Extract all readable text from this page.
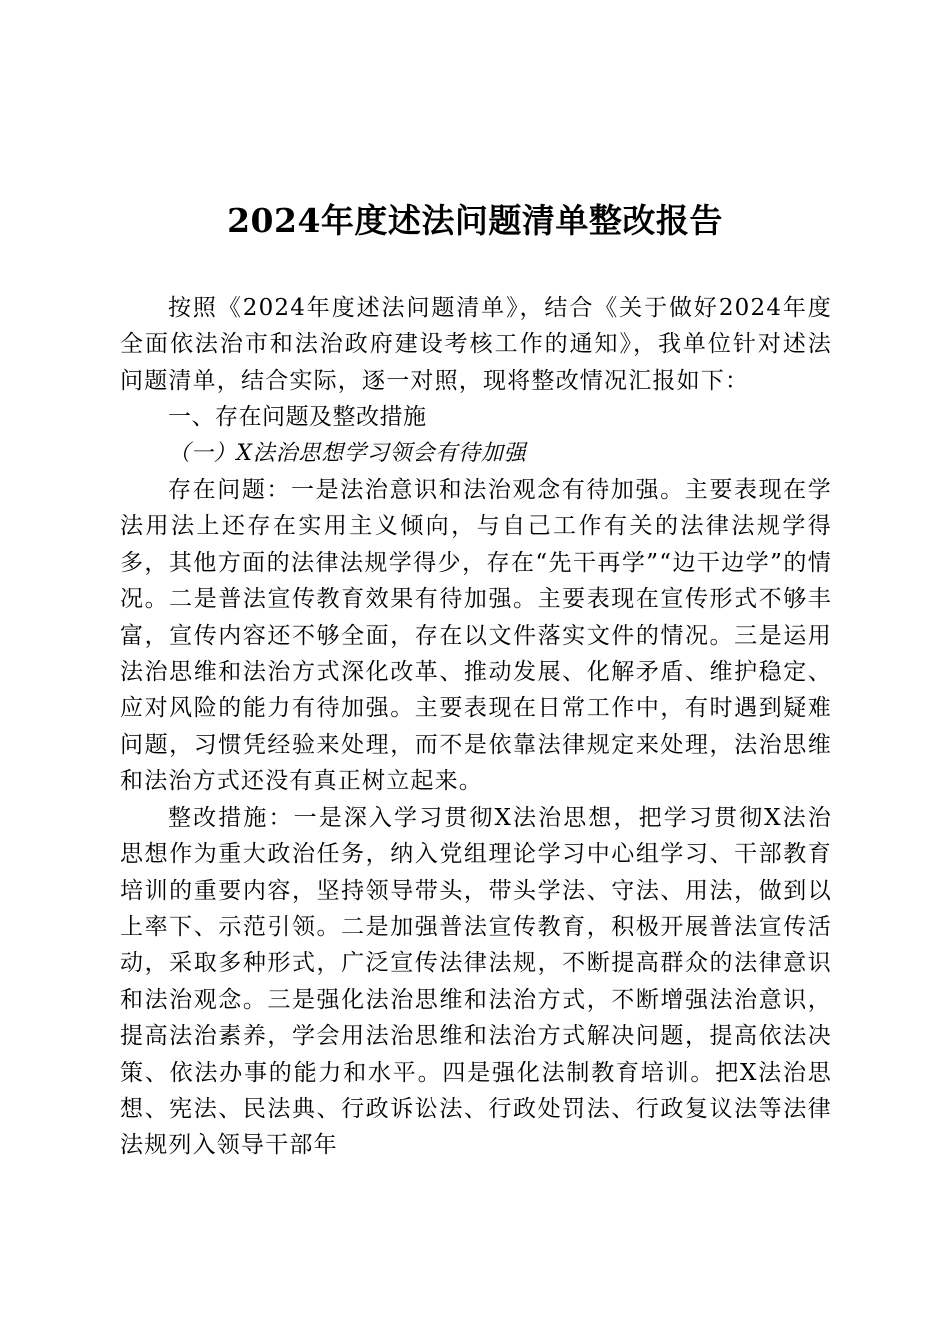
2024年度述法问题清单整改报告

按照《2024年度述法问题清单》，结合《关于做好2024年度全面依法治市和法治政府建设考核工作的通知》，我单位针对述法问题清单，结合实际，逐一对照，现将整改情况汇报如下：

一、存在问题及整改措施

（一）X法治思想学习领会有待加强

存在问题：一是法治意识和法治观念有待加强。主要表现在学法用法上还存在实用主义倾向，与自己工作有关的法律法规学得多，其他方面的法律法规学得少，存在“先干再学”“边干边学”的情况。二是普法宣传教育效果有待加强。主要表现在宣传形式不够丰富，宣传内容还不够全面，存在以文件落实文件的情况。三是运用法治思维和法治方式深化改革、推动发展、化解矛盾、维护稳定、应对风险的能力有待加强。主要表现在日常工作中，有时遇到疑难问题，习惯凭经验来处理，而不是依靠法律规定来处理，法治思维和法治方式还没有真正树立起来。

整改措施：一是深入学习贯彻X法治思想，把学习贯彻X法治思想作为重大政治任务，纳入党组理论学习中心组学习、干部教育培训的重要内容，坚持领导带头，带头学法、守法、用法，做到以上率下、示范引领。二是加强普法宣传教育，积极开展普法宣传活动，采取多种形式，广泛宣传法律法规，不断提高群众的法律意识和法治观念。三是强化法治思维和法治方式，不断增强法治意识，提高法治素养，学会用法治思维和法治方式解决问题，提高依法决策、依法办事的能力和水平。四是强化法制教育培训。把X法治思想、宪法、民法典、行政诉讼法、行政处罚法、行政复议法等法律法规列入领导干部年
